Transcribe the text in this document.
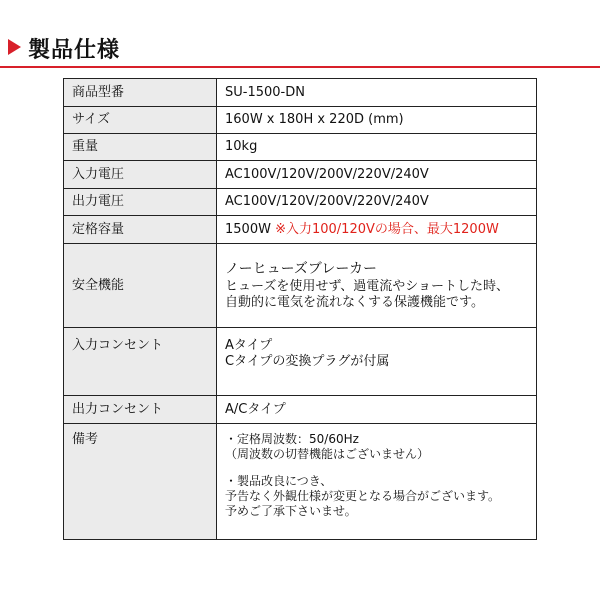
製品仕様
商品型番	SU-1500-DN
サイズ	160W x 180H x 220D (mm)
重量	10kg
入力電圧	AC100V/120V/200V/220V/240V
出力電圧	AC100V/120V/200V/220V/240V
定格容量	1500W ※入力100/120Vの場合、最大1200W
安全機能	ノーヒューズブレーカー
ヒューズを使用せず、過電流やショートした時、
自動的に電気を流れなくする保護機能です。

入力コンセント	Aタイプ
Cタイプの変換プラグが付属

出力コンセント	A/Cタイプ
備考	・定格周波数：50/60Hz
（周波数の切替機能はございません）
・製品改良につき、
予告なく外観仕様が変更となる場合がございます。
予めご了承下さいませ。
